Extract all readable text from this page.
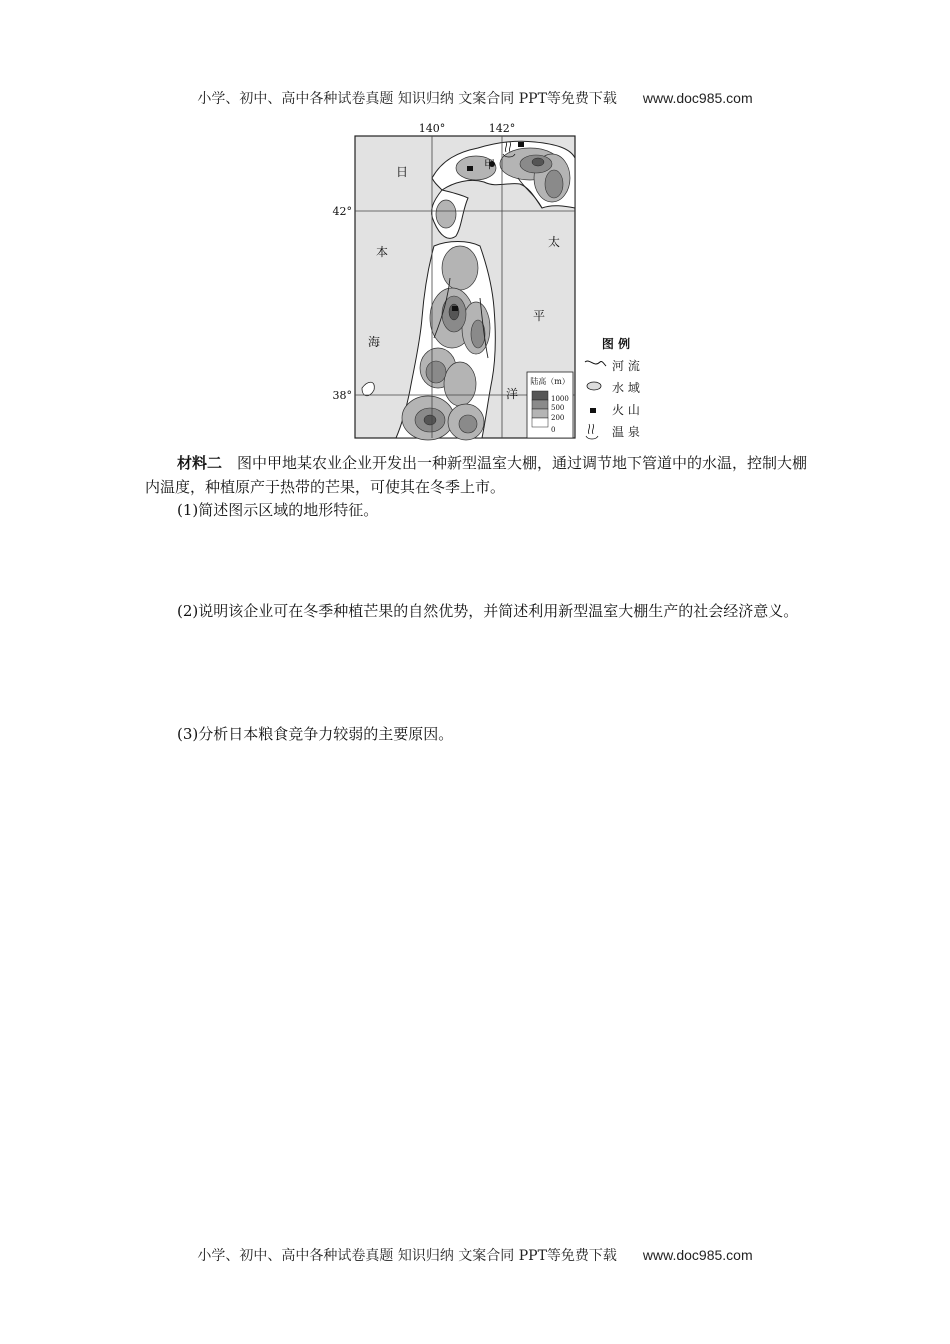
小学、初中、高中各种试卷真题 知识归纳 文案合同 PPT等免费下载 www.doc985.com
140°	142°
42°
38°
甲
日
本
海
太
平
洋
陆高（m）
1000
500
200
0
图 例
河 流
水 域
火 山
温 泉

材料二　 图中甲地某农业企业开发出一种新型温室大棚，通过调节地下管道中的水温，控制大棚内温度，种植原产于热带的芒果，可使其在冬季上市。

(1)简述图示区域的地形特征。

(2)说明该企业可在冬季种植芒果的自然优势，并简述利用新型温室大棚生产的社会经济意义。

(3)分析日本粮食竞争力较弱的主要原因。

小学、初中、高中各种试卷真题 知识归纳 文案合同 PPT等免费下载 www.doc985.com
